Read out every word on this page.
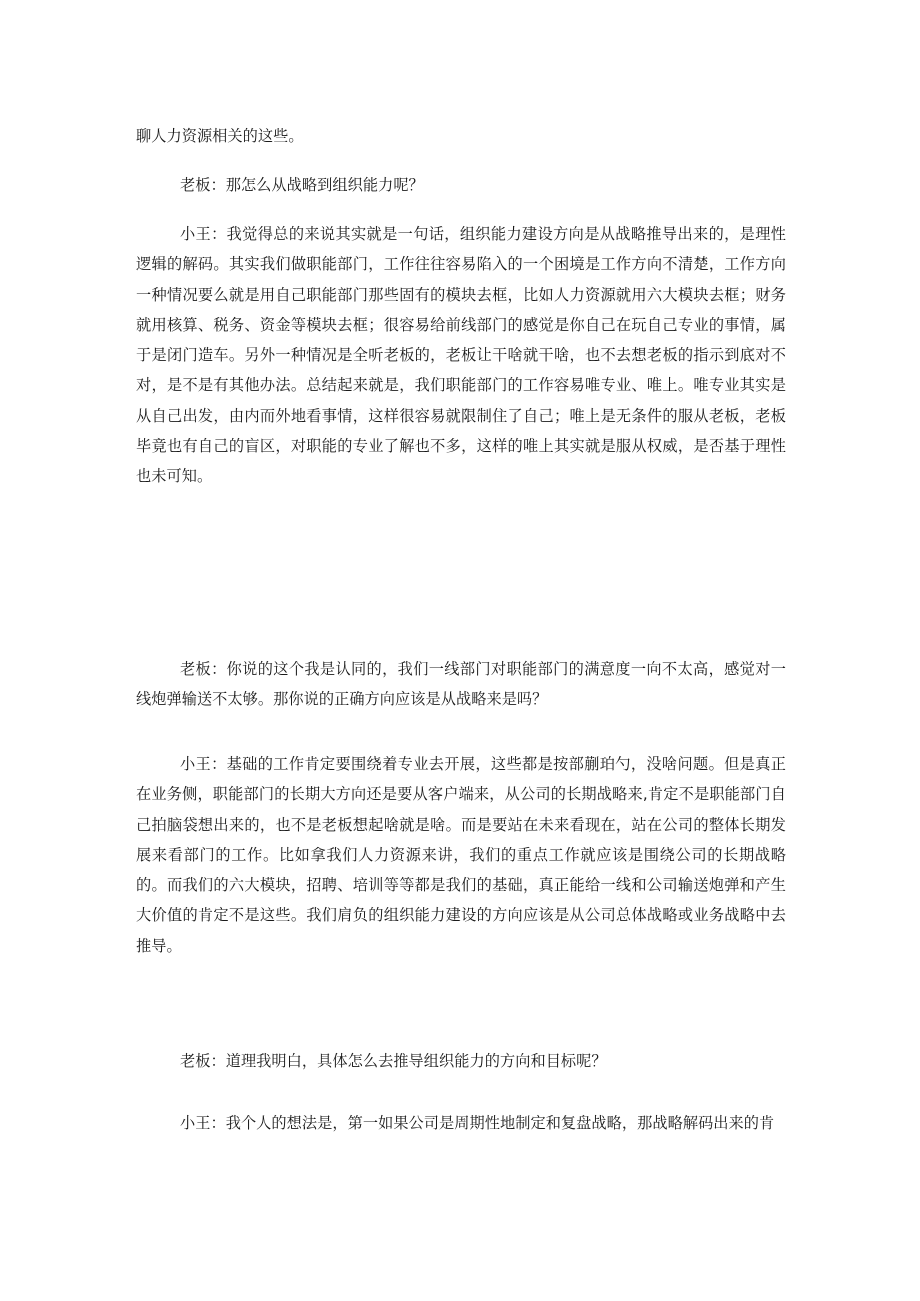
聊人力资源相关的这些。

老板：那怎么从战略到组织能力呢？

小王：我觉得总的来说其实就是一句话，组织能力建设方向是从战略推导出来的，是理性逻辑的解码。其实我们做职能部门，工作往往容易陷入的一个困境是工作方向不清楚，工作方向一种情况要么就是用自己职能部门那些固有的模块去框，比如人力资源就用六大模块去框；财务就用核算、税务、资金等模块去框；很容易给前线部门的感觉是你自己在玩自己专业的事情，属于是闭门造车。另外一种情况是全听老板的，老板让干啥就干啥，也不去想老板的指示到底对不对，是不是有其他办法。总结起来就是，我们职能部门的工作容易唯专业、唯上。唯专业其实是从自己出发，由内而外地看事情，这样很容易就限制住了自己；唯上是无条件的服从老板，老板毕竟也有自己的盲区，对职能的专业了解也不多，这样的唯上其实就是服从权威，是否基于理性也未可知。

老板：你说的这个我是认同的，我们一线部门对职能部门的满意度一向不太高，感觉对一线炮弹输送不太够。那你说的正确方向应该是从战略来是吗？

小王：基础的工作肯定要围绕着专业去开展，这些都是按部蒯珀勺，没啥问题。但是真正在业务侧，职能部门的长期大方向还是要从客户端来，从公司的长期战略来,肯定不是职能部门自己拍脑袋想出来的，也不是老板想起啥就是啥。而是要站在未来看现在，站在公司的整体长期发展来看部门的工作。比如拿我们人力资源来讲，我们的重点工作就应该是围绕公司的长期战略的。而我们的六大模块，招聘、培训等等都是我们的基础，真正能给一线和公司输送炮弹和产生大价值的肯定不是这些。我们肩负的组织能力建设的方向应该是从公司总体战略或业务战略中去推导。

老板：道理我明白，具体怎么去推导组织能力的方向和目标呢？

小王：我个人的想法是，第一如果公司是周期性地制定和复盘战略，那战略解码出来的肯
